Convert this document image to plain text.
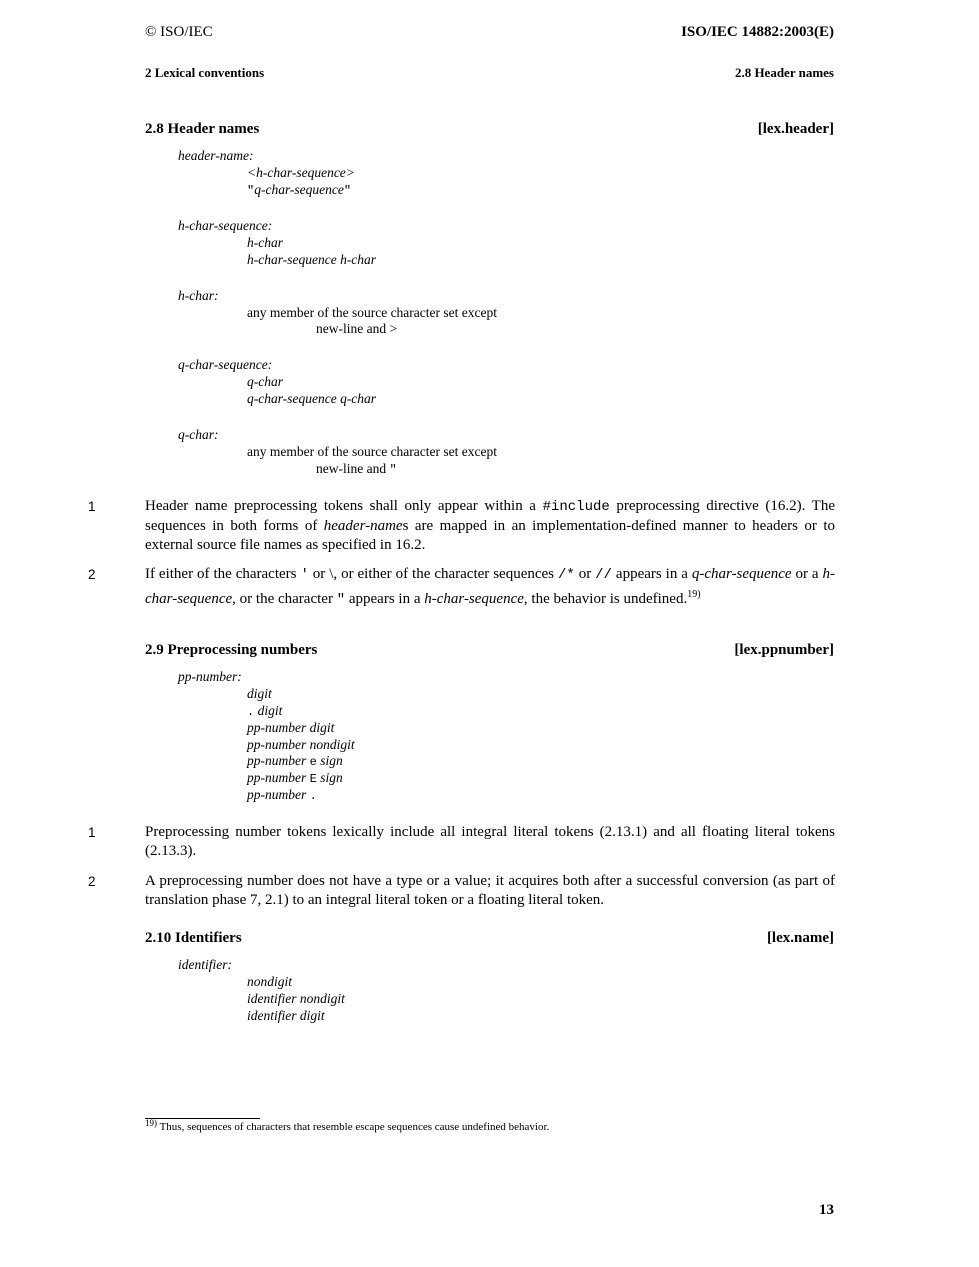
© ISO/IEC	ISO/IEC 14882:2003(E)
2 Lexical conventions	2.8 Header names
2.8 Header names	[lex.header]
header-name:
<h-char-sequence>
"q-char-sequence"
h-char-sequence:
h-char
h-char-sequence h-char
h-char:
any member of the source character set except
new-line and >
q-char-sequence:
q-char
q-char-sequence q-char
q-char:
any member of the source character set except
new-line and "
1	Header name preprocessing tokens shall only appear within a #include preprocessing directive (16.2). The sequences in both forms of header-names are mapped in an implementation-defined manner to headers or to external source file names as specified in 16.2.
2	If either of the characters ' or \, or either of the character sequences /* or // appears in a q-char-sequence or a h-char-sequence, or the character " appears in a h-char-sequence, the behavior is undefined.$^{19)}$
2.9 Preprocessing numbers	[lex.ppnumber]
pp-number:
digit
. digit
pp-number digit
pp-number nondigit
pp-number e sign
pp-number E sign
pp-number .
1	Preprocessing number tokens lexically include all integral literal tokens (2.13.1) and all floating literal tokens (2.13.3).
2	A preprocessing number does not have a type or a value; it acquires both after a successful conversion (as part of translation phase 7, 2.1) to an integral literal token or a floating literal token.
2.10 Identifiers	[lex.name]
identifier:
nondigit
identifier nondigit
identifier digit
$^{19)}$ Thus, sequences of characters that resemble escape sequences cause undefined behavior.
13
